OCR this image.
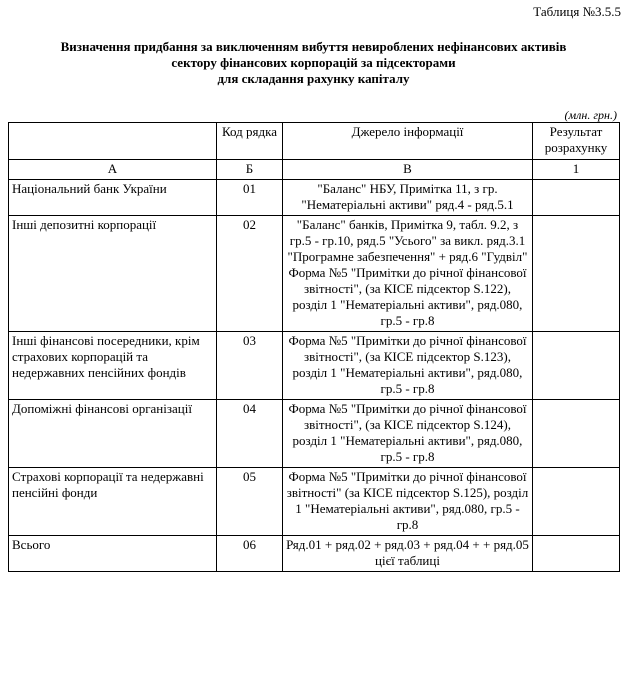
Таблиця №3.5.5
Визначення придбання за виключенням вибуття невироблених нефінансових активів
сектору фінансових корпорацій за підсекторами
для складання рахунку капіталу
(млн. грн.)
	Код рядка	Джерело інформації	Результат розрахунку
А	Б	В	1
Національний банк України	01	"Баланс" НБУ, Примітка 11, з гр. "Нематеріальні активи" ряд.4 - ряд.5.1	
Інші депозитні корпорації	02	"Баланс" банків, Примітка 9, табл. 9.2, з гр.5 - гр.10, ряд.5 "Усього" за викл. ряд.3.1 "Програмне забезпечення" + ряд.6 "Гудвіл" Форма №5 "Примітки до річної фінансової звітності", (за КІСЕ підсектор S.122), розділ 1 "Нематеріальні активи", ряд.080, гр.5 - гр.8	
Інші фінансові посередники, крім страхових корпорацій та недержавних пенсійних фондів	03	Форма №5 "Примітки до річної фінансової звітності", (за КІСЕ підсектор S.123), розділ 1 "Нематеріальні активи", ряд.080, гр.5 - гр.8	
Допоміжні фінансові організації	04	Форма №5 "Примітки до річної фінансової звітності", (за КІСЕ підсектор S.124), розділ 1 "Нематеріальні активи", ряд.080, гр.5 - гр.8	
Страхові корпорації та недержавні пенсійні фонди	05	Форма №5 "Примітки до річної фінансової звітності" (за КІСЕ підсектор S.125), розділ 1 "Нематеріальні активи", ряд.080, гр.5 - гр.8	
Всього	06	Ряд.01 + ряд.02 + ряд.03 + ряд.04 + + ряд.05 цієї таблиці	
